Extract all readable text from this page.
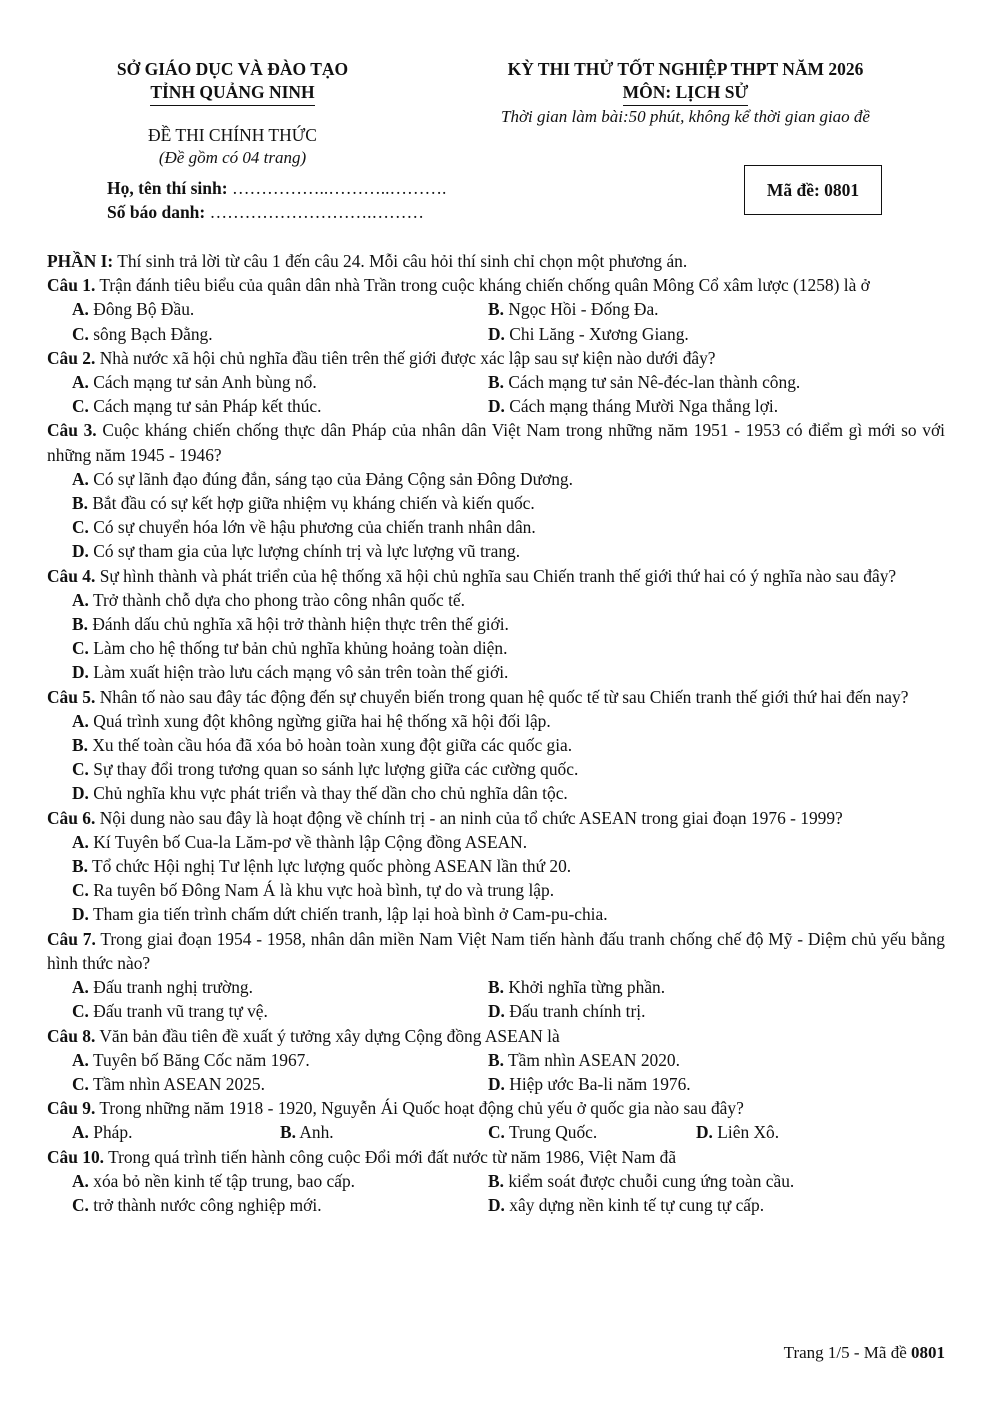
SỞ GIÁO DỤC VÀ ĐÀO TẠO
TỈNH QUẢNG NINH
ĐỀ THI CHÍNH THỨC
(Đề gồm có 04 trang)
KỲ THI THỬ TỐT NGHIỆP THPT NĂM 2026
MÔN: LỊCH SỬ
Thời gian làm bài:50 phút, không kể thời gian giao đề
Họ, tên thí sinh: ……………..………..……….
Số báo danh: ……………………….………
Mã đề: 0801

PHẦN I: Thí sinh trả lời từ câu 1 đến câu 24. Mỗi câu hỏi thí sinh chỉ chọn một phương án.

Câu 1. Trận đánh tiêu biểu của quân dân nhà Trần trong cuộc kháng chiến chống quân Mông Cổ xâm lược (1258) là ở

A. Đông Bộ Đầu.	B. Ngọc Hồi - Đống Đa.
C. sông Bạch Đằng.	D. Chi Lăng - Xương Giang.

Câu 2. Nhà nước xã hội chủ nghĩa đầu tiên trên thế giới được xác lập sau sự kiện nào dưới đây?

A. Cách mạng tư sản Anh bùng nổ.	B. Cách mạng tư sản Nê-đéc-lan thành công.
C. Cách mạng tư sản Pháp kết thúc.	D. Cách mạng tháng Mười Nga thắng lợi.

Câu 3. Cuộc kháng chiến chống thực dân Pháp của nhân dân Việt Nam trong những năm 1951 - 1953 có điểm gì mới so với những năm 1945 - 1946?

A. Có sự lãnh đạo đúng đắn, sáng tạo của Đảng Cộng sản Đông Dương.
B. Bắt đầu có sự kết hợp giữa nhiệm vụ kháng chiến và kiến quốc.
C. Có sự chuyển hóa lớn về hậu phương của chiến tranh nhân dân.
D. Có sự tham gia của lực lượng chính trị và lực lượng vũ trang.

Câu 4. Sự hình thành và phát triển của hệ thống xã hội chủ nghĩa sau Chiến tranh thế giới thứ hai có ý nghĩa nào sau đây?

A. Trở thành chỗ dựa cho phong trào công nhân quốc tế.
B. Đánh dấu chủ nghĩa xã hội trở thành hiện thực trên thế giới.
C. Làm cho hệ thống tư bản chủ nghĩa khủng hoảng toàn diện.
D. Làm xuất hiện trào lưu cách mạng vô sản trên toàn thế giới.

Câu 5. Nhân tố nào sau đây tác động đến sự chuyển biến trong quan hệ quốc tế từ sau Chiến tranh thế giới thứ hai đến nay?

A. Quá trình xung đột không ngừng giữa hai hệ thống xã hội đối lập.
B. Xu thế toàn cầu hóa đã xóa bỏ hoàn toàn xung đột giữa các quốc gia.
C. Sự thay đổi trong tương quan so sánh lực lượng giữa các cường quốc.
D. Chủ nghĩa khu vực phát triển và thay thế dần cho chủ nghĩa dân tộc.

Câu 6. Nội dung nào sau đây là hoạt động về chính trị - an ninh của tổ chức ASEAN trong giai đoạn 1976 - 1999?

A. Kí Tuyên bố Cua-la Lăm-pơ về thành lập Cộng đồng ASEAN.
B. Tổ chức Hội nghị Tư lệnh lực lượng quốc phòng ASEAN lần thứ 20.
C. Ra tuyên bố Đông Nam Á là khu vực hoà bình, tự do và trung lập.
D. Tham gia tiến trình chấm dứt chiến tranh, lập lại hoà bình ở Cam-pu-chia.

Câu 7. Trong giai đoạn 1954 - 1958, nhân dân miền Nam Việt Nam tiến hành đấu tranh chống chế độ Mỹ - Diệm chủ yếu bằng hình thức nào?

A. Đấu tranh nghị trường.	B. Khởi nghĩa từng phần.
C. Đấu tranh vũ trang tự vệ.	D. Đấu tranh chính trị.

Câu 8. Văn bản đầu tiên đề xuất ý tưởng xây dựng Cộng đồng ASEAN là

A. Tuyên bố Băng Cốc năm 1967.	B. Tầm nhìn ASEAN 2020.
C. Tầm nhìn ASEAN 2025.	D. Hiệp ước Ba-li năm 1976.

Câu 9. Trong những năm 1918 - 1920, Nguyễn Ái Quốc hoạt động chủ yếu ở quốc gia nào sau đây?

A. Pháp.	B. Anh.	C. Trung Quốc.	D. Liên Xô.

Câu 10. Trong quá trình tiến hành công cuộc Đổi mới đất nước từ năm 1986, Việt Nam đã

A. xóa bỏ nền kinh tế tập trung, bao cấp.	B. kiểm soát được chuỗi cung ứng toàn cầu.
C. trở thành nước công nghiệp mới.	D. xây dựng nền kinh tế tự cung tự cấp.
Trang 1/5 - Mã đề 0801
